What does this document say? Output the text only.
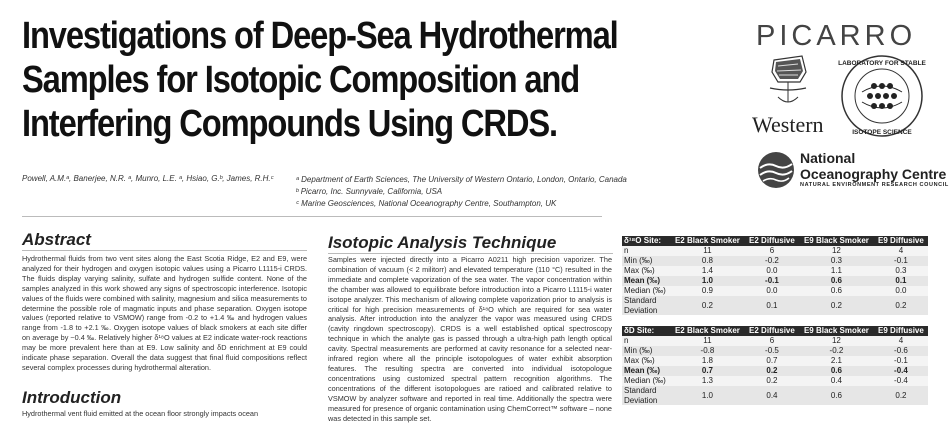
Investigations of Deep-Sea Hydrothermal
Samples for Isotopic Composition and
Interfering Compounds Using CRDS.
PICARRO
Western
LABORATORY FOR STABLE
ISOTOPE SCIENCE
National
Oceanography Centre
NATURAL ENVIRONMENT RESEARCH COUNCIL
Powell, A.M.ᵃ, Banerjee, N.R. ᵃ, Munro, L.E. ᵃ, Hsiao, G.ᵇ, James, R.H.ᶜ	ᵃ Department of Earth Sciences, The University of Western Ontario, London, Ontario, Canada
ᵇ Picarro, Inc. Sunnyvale, California, USA
ᶜ Marine Geosciences, National Oceanography Centre, Southampton, UK
Abstract
Hydrothermal fluids from two vent sites along the East Scotia Ridge, E2 and E9, were analyzed for their hydrogen and oxygen isotopic values using a Picarro L1115-i CRDS. The fluids display varying salinity, sulfate and hydrogen sulfide content. None of the samples analyzed in this work showed any signs of spectroscopic interference. Isotopic values of the fluids were combined with salinity, magnesium and silica measurements to determine the possible role of magmatic inputs and phase separation. Oxygen isotope values (reported relative to VSMOW) range from -0.2 to +1.4 ‰ and hydrogen values range from -1.8 to +2.1 ‰. Oxygen isotope values of black smokers at each site differ on average by ~0.4 ‰. Relatively higher δ¹⁸O values at E2 indicate water-rock reactions may be more prevalent here than at E9. Low salinity and δD enrichment at E9 could indicate phase separation. Overall the data suggest that final fluid compositions reflect several complex processes during hydrothermal alteration.
Introduction
Hydrothermal vent fluid emitted at the ocean floor strongly impacts ocean
Isotopic Analysis Technique
Samples were injected directly into a Picarro A0211 high precision vaporizer. The combination of vacuum (< 2 militorr) and elevated temperature (110 °C) resulted in the immediate and complete vaporization of the sea water. The vapor concentration within the chamber was allowed to equilibrate before introduction into a Picarro L1115-i water isotope analyzer. This mechanism of allowing complete vaporization prior to analysis is critical for high precision measurements of δ¹⁸O which are required for sea water analysis. After introduction into the analyzer the vapor was measured using CRDS (cavity ringdown spectroscopy). CRDS is a well established optical spectroscopy technique in which the analyte gas is passed through a ultra-high path length optical cavity. Spectral measurements are performed at cavity resonance for a selected near-infrared region where all the principle isotopologues of water exhibit absorption features. The resulting spectra are converted into individual isotopologue concentrations using customized spectral pattern recognition algorithms. The concentrations of the different isotopologues are ratioed and calibrated relative to VSMOW by analyzer software and reported in real time. Additionally the spectra were measured for presence of organic contamination using ChemCorrect™ software – none was detected in this sample set.
δ¹⁸O Site:	E2 Black Smoker	E2 Diffusive	E9 Black Smoker	E9 Diffusive
n	11	6	12	4
Min (‰)	0.8	-0.2	0.3	-0.1
Max (‰)	1.4	0.0	1.1	0.3
Mean (‰)	1.0	-0.1	0.6	0.1
Median (‰)	0.9	0.0	0.6	0.0
Standard Deviation	0.2	0.1	0.2	0.2
δD Site:	E2 Black Smoker	E2 Diffusive	E9 Black Smoker	E9 Diffusive
n	11	6	12	4
Min (‰)	-0.8	-0.5	-0.2	-0.6
Max (‰)	1.8	0.7	2.1	-0.1
Mean (‰)	0.7	0.2	0.6	-0.4
Median (‰)	1.3	0.2	0.4	-0.4
Standard Deviation	1.0	0.4	0.6	0.2
